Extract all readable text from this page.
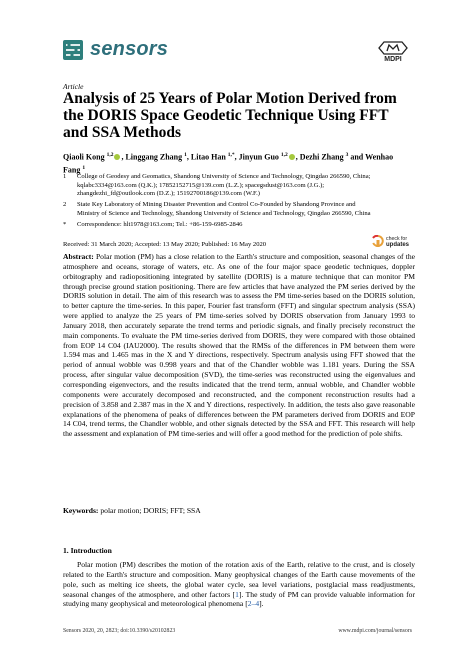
sensors	MDPI
Article
Analysis of 25 Years of Polar Motion Derived from the DORIS Space Geodetic Technique Using FFT and SSA Methods
Qiaoli Kong $^{1,2}$ , Linggang Zhang $^1$, Litao Han $^{1,*}$, Jinyun Guo $^{1,2}$ , Dezhi Zhang $^3$ and Wenhao Fang $^1$
1	College of Geodesy and Geomatics, Shandong University of Science and Technology, Qingdao 266590, China;
kqlabc3334@163.com (Q.K.); 17852152715@139.com (L.Z.); spacegsdust@163.com (J.G.);
zhangdezhi_fd@outlook.com (D.Z.); 15192700186@139.com (W.F.)
2	State Key Laboratory of Mining Disaster Prevention and Control Co-Founded by Shandong Province and
Ministry of Science and Technology, Shandong University of Science and Technology, Qingdao 266590, China
*	Correspondence: hlt1978@163.com; Tel.: +86-159-6985-2846
Received: 31 March 2020; Accepted: 13 May 2020; Published: 16 May 2020
check for
updates
Abstract: Polar motion (PM) has a close relation to the Earth's structure and composition, seasonal changes of the atmosphere and oceans, storage of waters, etc. As one of the four major space geodetic techniques, doppler orbitography and radiopositioning integrated by satellite (DORIS) is a mature technique that can monitor PM through precise ground station positioning. There are few articles that have analyzed the PM series derived by the DORIS solution in detail. The aim of this research was to assess the PM time-series based on the DORIS solution, to better capture the time-series. In this paper, Fourier fast transform (FFT) and singular spectrum analysis (SSA) were applied to analyze the 25 years of PM time-series solved by DORIS observation from January 1993 to January 2018, then accurately separate the trend terms and periodic signals, and finally precisely reconstruct the main components. To evaluate the PM time-series derived from DORIS, they were compared with those obtained from EOP 14 C04 (IAU2000). The results showed that the RMSs of the differences in PM between them were 1.594 mas and 1.465 mas in the X and Y directions, respectively. Spectrum analysis using FFT showed that the period of annual wobble was 0.998 years and that of the Chandler wobble was 1.181 years. During the SSA process, after singular value decomposition (SVD), the time-series was reconstructed using the eigenvalues and corresponding eigenvectors, and the results indicated that the trend term, annual wobble, and Chandler wobble components were accurately decomposed and reconstructed, and the component reconstruction results had a precision of 3.858 and 2.387 mas in the X and Y directions, respectively. In addition, the tests also gave reasonable explanations of the phenomena of peaks of differences between the PM parameters derived from DORIS and EOP 14 C04, trend terms, the Chandler wobble, and other signals detected by the SSA and FFT. This research will help the assessment and explanation of PM time-series and will offer a good method for the prediction of pole shifts.
Keywords: polar motion; DORIS; FFT; SSA
1. Introduction
Polar motion (PM) describes the motion of the rotation axis of the Earth, relative to the crust, and is closely related to the Earth's structure and composition. Many geophysical changes of the Earth cause movements of the pole, such as melting ice sheets, the global water cycle, sea level variations, postglacial mass readjustments, seasonal changes of the atmosphere, and other factors [1]. The study of PM can provide valuable information for studying many geophysical and meteorological phenomena [2–4].
Sensors 2020, 20, 2823; doi:10.3390/s20102823	www.mdpi.com/journal/sensors
